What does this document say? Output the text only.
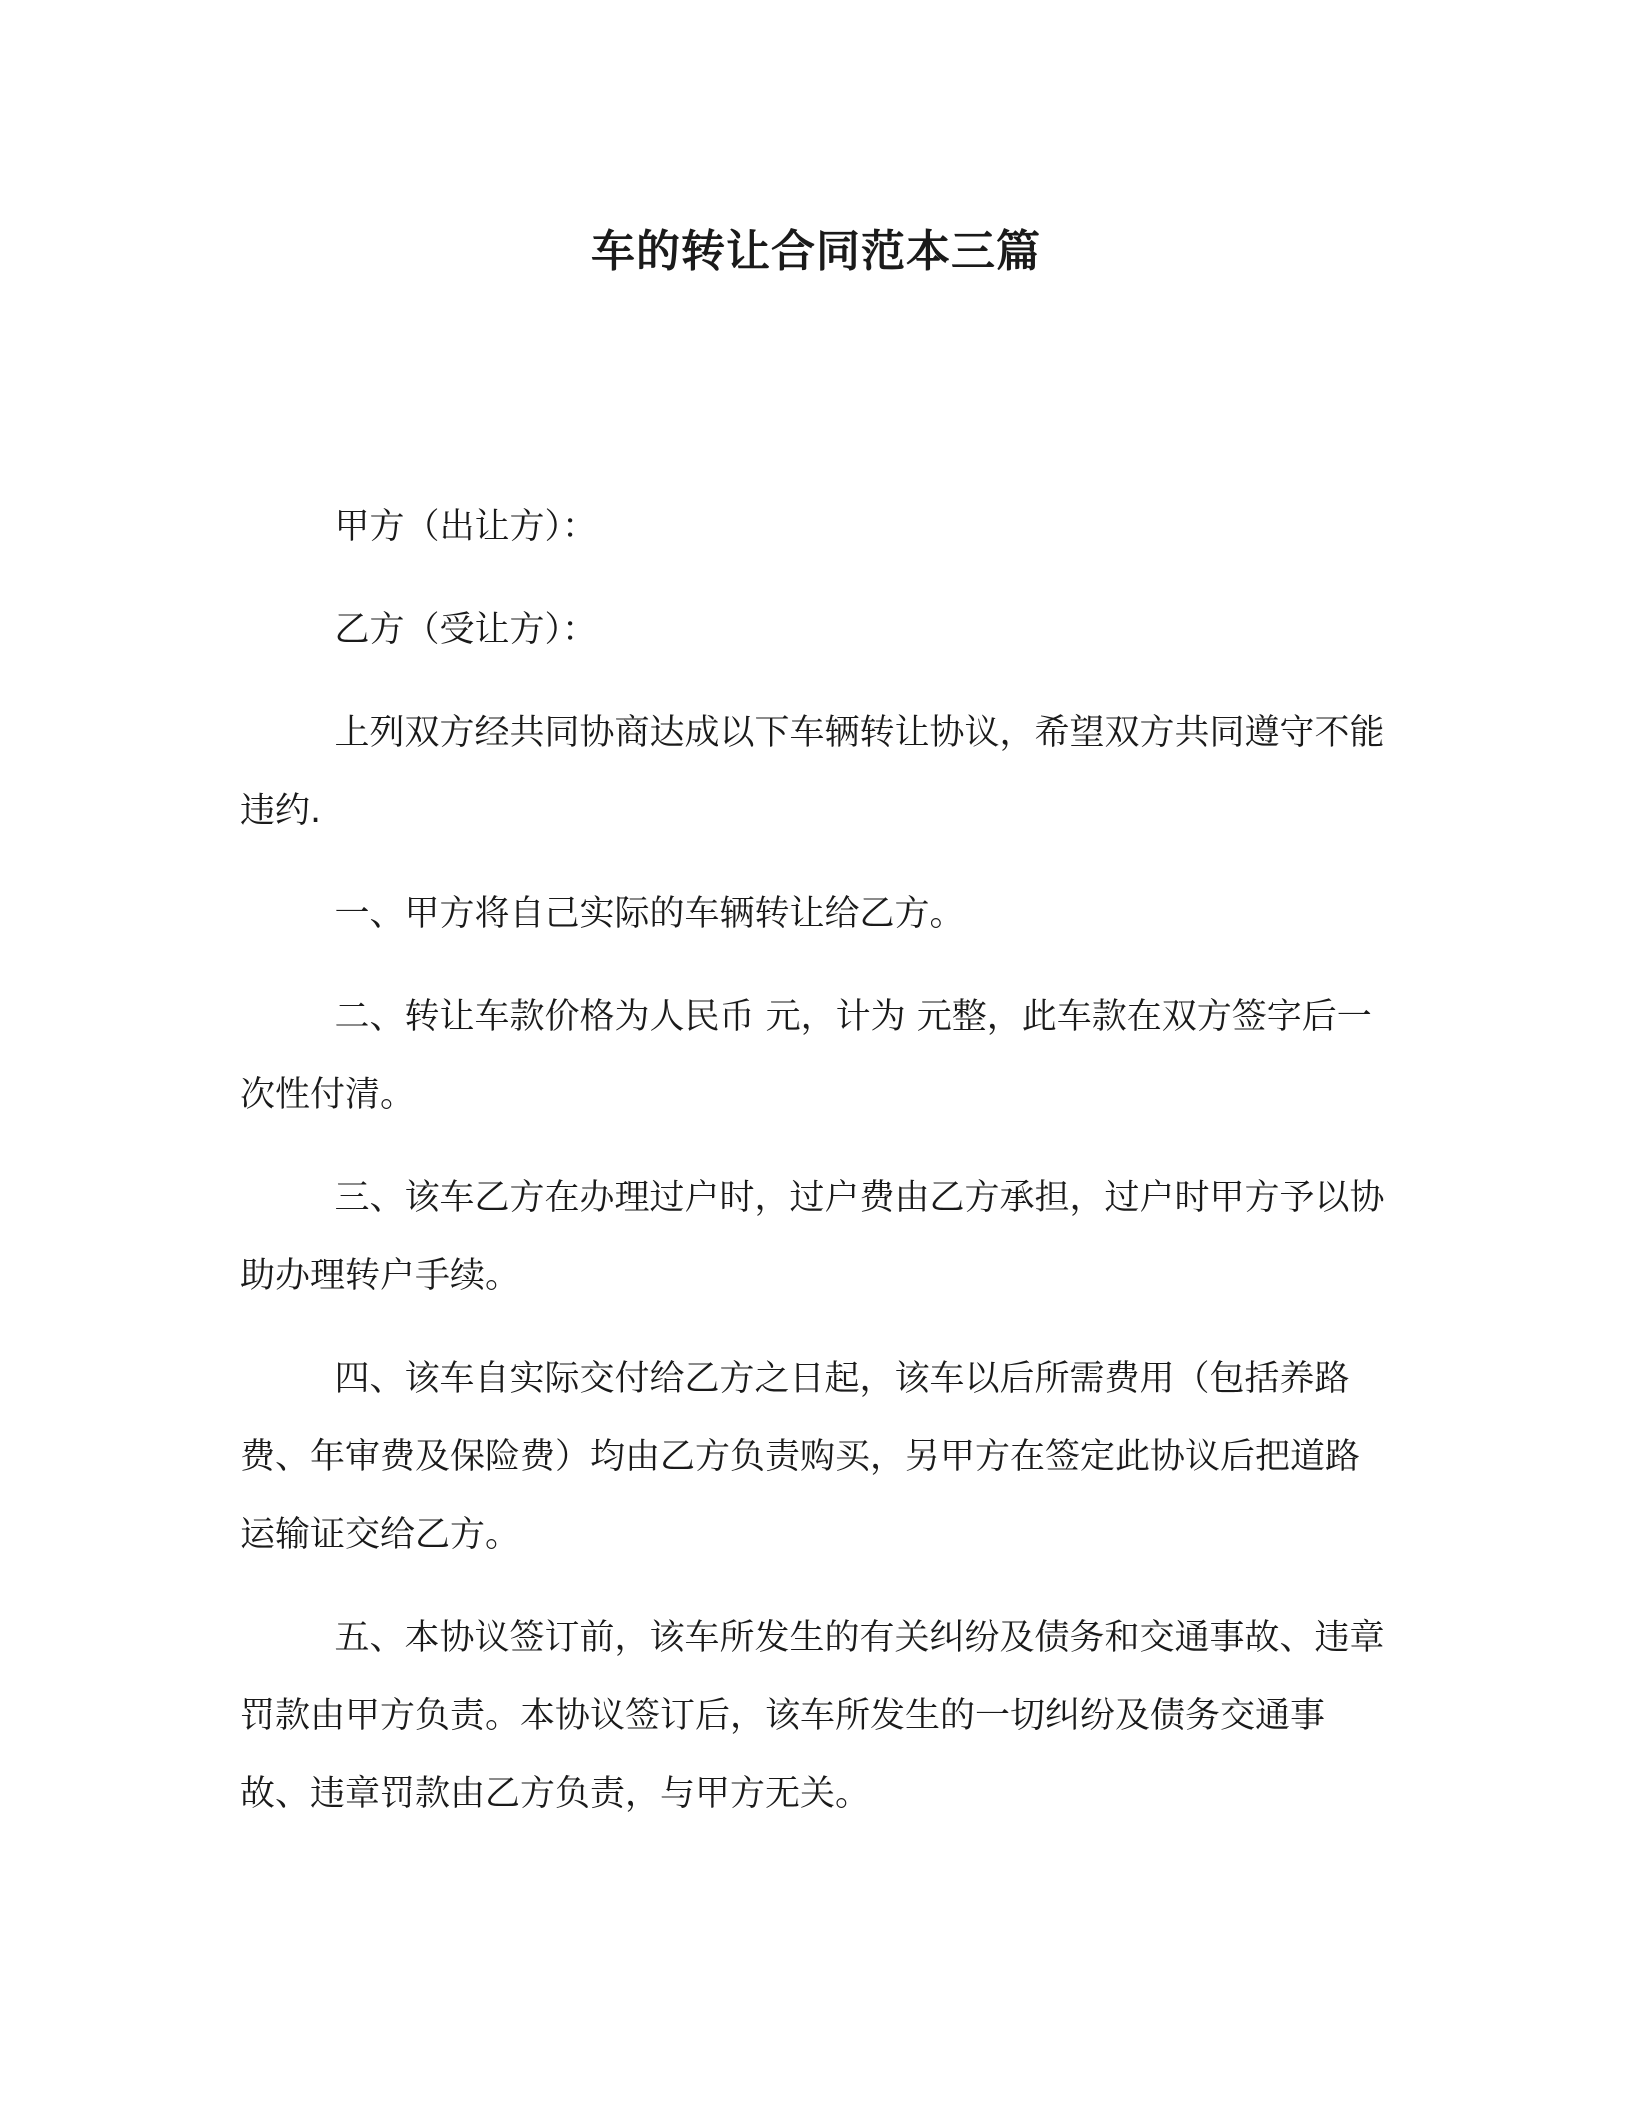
车的转让合同范本三篇

甲方（出让方）：

乙方（受让方）：

上列双方经共同协商达成以下车辆转让协议，希望双方共同遵守不能违约.

一、甲方将自己实际的车辆转让给乙方。

二、转让车款价格为人民币 元，计为 元整，此车款在双方签字后一次性付清。

三、该车乙方在办理过户时，过户费由乙方承担，过户时甲方予以协助办理转户手续。

四、该车自实际交付给乙方之日起，该车以后所需费用（包括养路费、年审费及保险费）均由乙方负责购买，另甲方在签定此协议后把道路运输证交给乙方。

五、本协议签订前，该车所发生的有关纠纷及债务和交通事故、违章罚款由甲方负责。本协议签订后，该车所发生的一切纠纷及债务交通事故、违章罚款由乙方负责，与甲方无关。
